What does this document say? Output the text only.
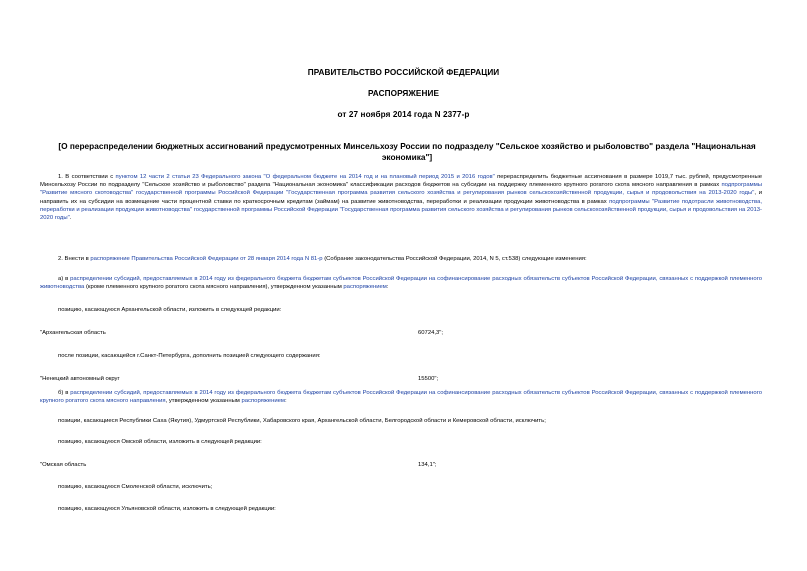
ПРАВИТЕЛЬСТВО РОССИЙСКОЙ ФЕДЕРАЦИИ
РАСПОРЯЖЕНИЕ
от 27 ноября 2014 года N 2377-р
[О перераспределении бюджетных ассигнований предусмотренных Минсельхозу России по подразделу "Сельское хозяйство и рыболовство" раздела "Национальная экономика"]
1. В соответствии с пунктом 12 части 2 статьи 23 Федерального закона "О федеральном бюджете на 2014 год и на плановый период 2015 и 2016 годов" перераспределить бюджетные ассигнования в размере 1019,7 тыс. рублей, предусмотренные Минсельхозу России по подразделу "Сельское хозяйство и рыболовство" раздела "Национальная экономика" классификации расходов бюджетов на субсидии на поддержку племенного крупного рогатого скота мясного направления в рамках подпрограммы "Развитие мясного скотоводства" государственной программы Российской Федерации "Государственная программа развития сельского хозяйства и регулирования рынков сельскохозяйственной продукции, сырья и продовольствия на 2013-2020 годы", и направить их на субсидии на возмещение части процентной ставки по краткосрочным кредитам (займам) на развитие животноводства, переработки и реализации продукции животноводства в рамках подпрограммы "Развитие подотрасли животноводства, переработки и реализации продукции животноводства" государственной программы Российской Федерации "Государственная программа развития сельского хозяйства и регулирования рынков сельскохозяйственной продукции, сырья и продовольствия на 2013-2020 годы".
2. Внести в распоряжение Правительства Российской Федерации от 28 января 2014 года N 81-р (Собрание законодательства Российской Федерации, 2014, N 5, ст.538) следующие изменения:
а) в распределении субсидий, предоставляемых в 2014 году из федерального бюджета бюджетам субъектов Российской Федерации на софинансирование расходных обязательств субъектов Российской Федерации, связанных с поддержкой племенного животноводства (кроме племенного крупного рогатого скота мясного направления), утвержденном указанным распоряжением:
позицию, касающуюся Архангельской области, изложить в следующей редакции:
"Архангельская область	60724,3";
после позиции, касающейся г.Санкт-Петербурга, дополнить позицией следующего содержания:
"Ненецкий автономный округ	15500";
б) в распределении субсидий, предоставляемых в 2014 году из федерального бюджета бюджетам субъектов Российской Федерации на софинансирование расходных обязательств субъектов Российской Федерации, связанных с поддержкой племенного крупного рогатого скота мясного направления, утвержденном указанным распоряжением:
позиции, касающиеся Республики Саха (Якутия), Удмуртской Республики, Хабаровского края, Архангельской области, Белгородской области и Кемеровской области, исключить;
позицию, касающуюся Омской области, изложить в следующей редакции:
"Омская область	134,1";
позицию, касающуюся Смоленской области, исключить;
позицию, касающуюся Ульяновской области, изложить в следующей редакции:
